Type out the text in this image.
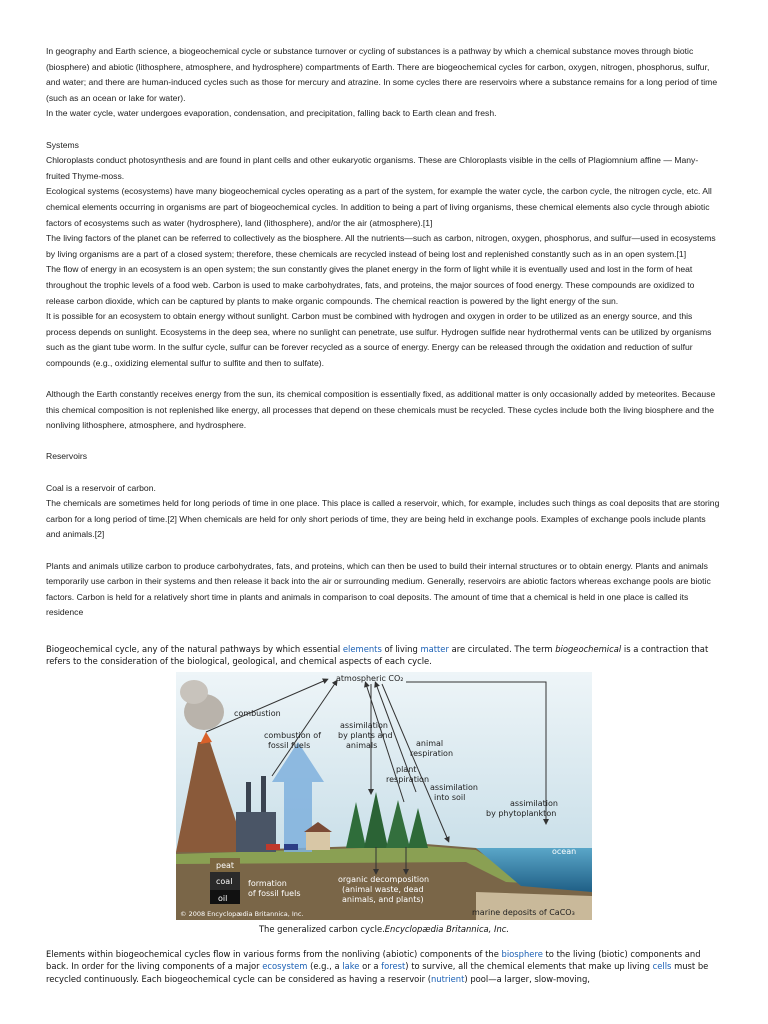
In geography and Earth science, a biogeochemical cycle or substance turnover or cycling of substances is a pathway by which a chemical substance moves through biotic (biosphere) and abiotic (lithosphere, atmosphere, and hydrosphere) compartments of Earth. There are biogeochemical cycles for carbon, oxygen, nitrogen, phosphorus, sulfur, and water; and there are human-induced cycles such as those for mercury and atrazine. In some cycles there are reservoirs where a substance remains for a long period of time (such as an ocean or lake for water).

In the water cycle, water undergoes evaporation, condensation, and precipitation, falling back to Earth clean and fresh.

Systems

Chloroplasts conduct photosynthesis and are found in plant cells and other eukaryotic organisms. These are Chloroplasts visible in the cells of Plagiomnium affine — Many-fruited Thyme-moss.

Ecological systems (ecosystems) have many biogeochemical cycles operating as a part of the system, for example the water cycle, the carbon cycle, the nitrogen cycle, etc. All chemical elements occurring in organisms are part of biogeochemical cycles. In addition to being a part of living organisms, these chemical elements also cycle through abiotic factors of ecosystems such as water (hydrosphere), land (lithosphere), and/or the air (atmosphere).[1]

The living factors of the planet can be referred to collectively as the biosphere. All the nutrients—such as carbon, nitrogen, oxygen, phosphorus, and sulfur—used in ecosystems by living organisms are a part of a closed system; therefore, these chemicals are recycled instead of being lost and replenished constantly such as in an open system.[1]

The flow of energy in an ecosystem is an open system; the sun constantly gives the planet energy in the form of light while it is eventually used and lost in the form of heat throughout the trophic levels of a food web. Carbon is used to make carbohydrates, fats, and proteins, the major sources of food energy. These compounds are oxidized to release carbon dioxide, which can be captured by plants to make organic compounds. The chemical reaction is powered by the light energy of the sun.

It is possible for an ecosystem to obtain energy without sunlight. Carbon must be combined with hydrogen and oxygen in order to be utilized as an energy source, and this process depends on sunlight. Ecosystems in the deep sea, where no sunlight can penetrate, use sulfur. Hydrogen sulfide near hydrothermal vents can be utilized by organisms such as the giant tube worm. In the sulfur cycle, sulfur can be forever recycled as a source of energy. Energy can be released through the oxidation and reduction of sulfur compounds (e.g., oxidizing elemental sulfur to sulfite and then to sulfate).

Although the Earth constantly receives energy from the sun, its chemical composition is essentially fixed, as additional matter is only occasionally added by meteorites. Because this chemical composition is not replenished like energy, all processes that depend on these chemicals must be recycled. These cycles include both the living biosphere and the nonliving lithosphere, atmosphere, and hydrosphere.

Reservoirs

Coal is a reservoir of carbon.

The chemicals are sometimes held for long periods of time in one place. This place is called a reservoir, which, for example, includes such things as coal deposits that are storing carbon for a long period of time.[2] When chemicals are held for only short periods of time, they are being held in exchange pools. Examples of exchange pools include plants and animals.[2]

Plants and animals utilize carbon to produce carbohydrates, fats, and proteins, which can then be used to build their internal structures or to obtain energy. Plants and animals temporarily use carbon in their systems and then release it back into the air or surrounding medium. Generally, reservoirs are abiotic factors whereas exchange pools are biotic factors. Carbon is held for a relatively short time in plants and animals in comparison to coal deposits. The amount of time that a chemical is held in one place is called its residence

Biogeochemical cycle, any of the natural pathways by which essential elements of living matter are circulated. The term biogeochemical is a contraction that refers to the consideration of the biological, geological, and chemical aspects of each cycle.

atmospheric CO₂
combustion
combustion of
fossil fuels
assimilation
by plants and
animals	animal
respiration
plant
respiration
assimilation
into soil
assimilation
by phytoplankton
ocean
peat
coal
oil
formation
of fossil fuels
organic decomposition
(animal waste, dead
animals, and plants)
marine deposits of CaCO₃
© 2008 Encyclopædia Britannica, Inc.

The generalized carbon cycle.Encyclopædia Britannica, Inc.

Elements within biogeochemical cycles flow in various forms from the nonliving (abiotic) components of the biosphere to the living (biotic) components and back. In order for the living components of a major ecosystem (e.g., a lake or a forest) to survive, all the chemical elements that make up living cells must be recycled continuously. Each biogeochemical cycle can be considered as having a reservoir (nutrient) pool—a larger, slow-moving,
